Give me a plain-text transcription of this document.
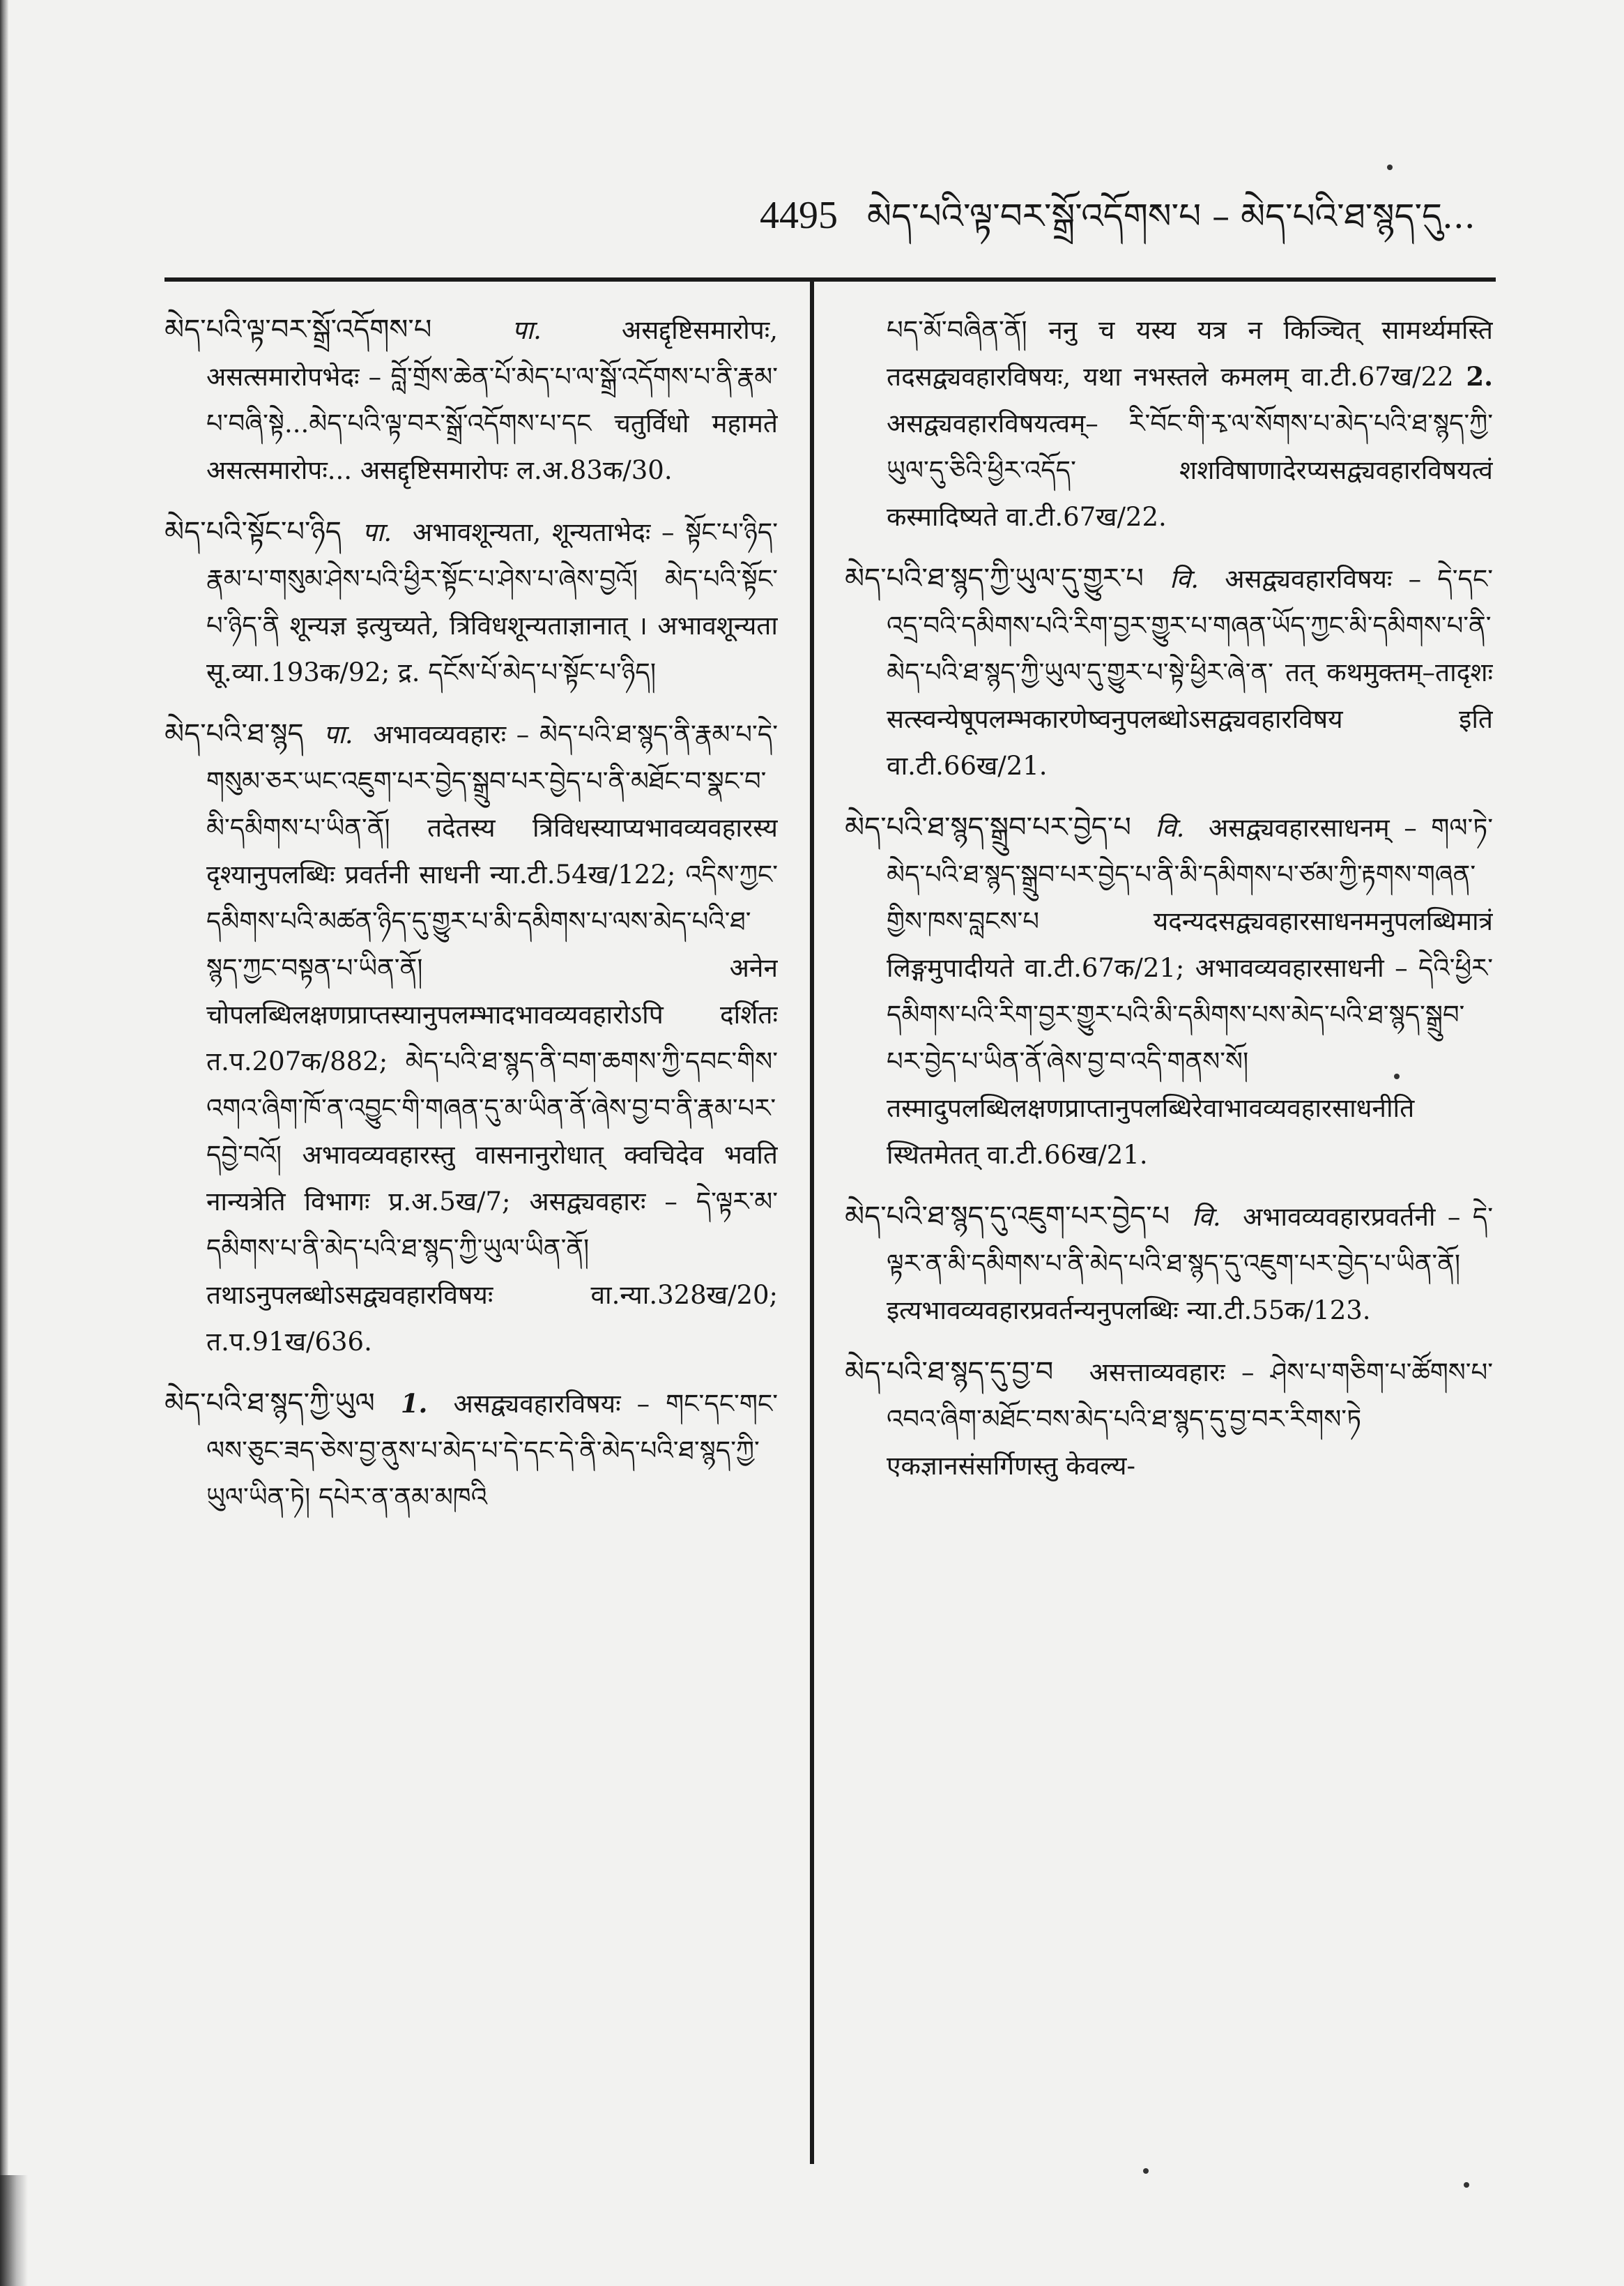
4495 མེད་པའི་ལྟ་བར་སྒྲོ་འདོགས་པ – མེད་པའི་ཐ་སྙད་དུ...

མེད་པའི་ལྟ་བར་སྒྲོ་འདོགས་པ	पा.	असद्दृष्टिसमारोपः, असत्समारोपभेदः – བློ་གྲོས་ཆེན་པོ་མེད་པ་ལ་སྒྲོ་འདོགས་པ་ནི་རྣམ་པ་བཞི་སྟེ...མེད་པའི་ལྟ་བར་སྒྲོ་འདོགས་པ་དང चतुर्विधो महामते असत्समारोपः... असद्दृष्टिसमारोपः ल.अ.83क/30.

མེད་པའི་སྟོང་པ་ཉིད पा. अभावशून्यता, शून्यताभेदः – སྟོང་པ་ཉིད་རྣམ་པ་གསུམ་ཤེས་པའི་ཕྱིར་སྟོང་པ་ཤེས་པ་ཞེས་བྱའོ། མེད་པའི་སྟོང་པ་ཉིད་ནི शून्यज्ञ इत्युच्यते, त्रिविधशून्यताज्ञानात् । अभावशून्यता सू.व्या.193क/92; द्र. དངོས་པོ་མེད་པ་སྟོང་པ་ཉིད།

མེད་པའི་ཐ་སྙད पा. अभावव्यवहारः – མེད་པའི་ཐ་སྙད་ནི་རྣམ་པ་དེ་གསུམ་ཅར་ཡང་འཇུག་པར་བྱེད་སྒྲུབ་པར་བྱེད་པ་ནི་མཐོང་བ་སྣང་བ་མི་དམིགས་པ་ཡིན་ནོ། तदेतस्य त्रिविधस्याप्यभावव्यवहारस्य दृश्यानुपलब्धिः प्रवर्तनी साधनी न्या.टी.54ख/122; འདིས་ཀྱང་དམིགས་པའི་མཚན་ཉིད་དུ་གྱུར་པ་མི་དམིགས་པ་ལས་མེད་པའི་ཐ་སྙད་ཀྱང་བསྟན་པ་ཡིན་ནོ། अनेन चोपलब्धिलक्षणप्राप्तस्यानुपलम्भादभावव्यवहारोऽपि दर्शितः त.प.207क/882; མེད་པའི་ཐ་སྙད་ནི་བག་ཆགས་ཀྱི་དབང་གིས་འགའ་ཞིག་ཁོ་ན་འབྱུང་གི་གཞན་དུ་མ་ཡིན་ནོ་ཞེས་བྱ་བ་ནི་རྣམ་པར་དབྱེ་བའོ། अभावव्यवहारस्तु वासनानुरोधात् क्वचिदेव भवति नान्यत्रेति विभागः प्र.अ.5ख/7; असद्व्यवहारः – དེ་ལྟར་མ་དམིགས་པ་ནི་མེད་པའི་ཐ་སྙད་ཀྱི་ཡུལ་ཡིན་ནོ། तथाऽनुपलब्धोऽसद्व्यवहारविषयः वा.न्या.328ख/20; त.प.91ख/636.

མེད་པའི་ཐ་སྙད་ཀྱི་ཡུལ 1. असद्व्यवहारविषयः – གང་དང་གང་ལས་ཅུང་ཟད་ཅེས་བྱ་ནུས་པ་མེད་པ་དེ་དང་དེ་ནི་མེད་པའི་ཐ་སྙད་ཀྱི་ཡུལ་ཡིན་ཏེ། དཔེར་ན་ནམ་མཁའི

པད་མོ་བཞིན་ནོ། ननु च यस्य यत्र न किञ्चित् सामर्थ्यमस्ति तदसद्व्यवहारविषयः, यथा नभस्तले कमलम् वा.टी.67ख/22 2. असद्व्यवहारविषयत्वम्– རི་བོང་གི་རྭ་ལ་སོགས་པ་མེད་པའི་ཐ་སྙད་ཀྱི་ཡུལ་དུ་ཅིའི་ཕྱིར་འདོད་ शशविषाणादेरप्यसद्व्यवहारविषयत्वं कस्मादिष्यते वा.टी.67ख/22.

མེད་པའི་ཐ་སྙད་ཀྱི་ཡུལ་དུ་གྱུར་པ वि. असद्व्यवहारविषयः – དེ་དང་འདྲ་བའི་དམིགས་པའི་རིག་བྱར་གྱུར་པ་གཞན་ཡོད་ཀྱང་མི་དམིགས་པ་ནི་མེད་པའི་ཐ་སྙད་ཀྱི་ཡུལ་དུ་གྱུར་པ་སྟེ་ཕྱིར་ཞེ་ན་ तत् कथमुक्तम्–तादृशः सत्स्वन्येषूपलम्भकारणेष्वनुपलब्धोऽसद्व्यवहारविषय इति वा.टी.66ख/21.

མེད་པའི་ཐ་སྙད་སྒྲུབ་པར་བྱེད་པ वि. असद्व्यवहारसाधनम् – གལ་ཏེ་མེད་པའི་ཐ་སྙད་སྒྲུབ་པར་བྱེད་པ་ནི་མི་དམིགས་པ་ཙམ་ཀྱི་རྟགས་གཞན་གྱིས་ཁས་བླངས་པ यदन्यदसद्व्यवहारसाधनमनुपलब्धिमात्रं लिङ्गमुपादीयते वा.टी.67क/21; अभावव्यवहारसाधनी – དེའི་ཕྱིར་དམིགས་པའི་རིག་བྱར་གྱུར་པའི་མི་དམིགས་པས་མེད་པའི་ཐ་སྙད་སྒྲུབ་པར་བྱེད་པ་ཡིན་ནོ་ཞེས་བྱ་བ་འདི་གནས་སོ། तस्मादुपलब्धिलक्षणप्राप्तानुपलब्धिरेवाभावव्यवहारसाधनीति स्थितमेतत् वा.टी.66ख/21.

མེད་པའི་ཐ་སྙད་དུ་འཇུག་པར་བྱེད་པ वि. अभावव्यवहारप्रवर्तनी – དེ་ལྟར་ན་མི་དམིགས་པ་ནི་མེད་པའི་ཐ་སྙད་དུ་འཇུག་པར་བྱེད་པ་ཡིན་ནོ། इत्यभावव्यवहारप्रवर्तन्यनुपलब्धिः न्या.टी.55क/123.

མེད་པའི་ཐ་སྙད་དུ་བྱ་བ असत्ताव्यवहारः – ཤེས་པ་གཅིག་པ་ཚོགས་པ་འབའ་ཞིག་མཐོང་བས་མེད་པའི་ཐ་སྙད་དུ་བྱ་བར་རིགས་ཏེ एकज्ञानसंसर्गिणस्तु केवल्य-
